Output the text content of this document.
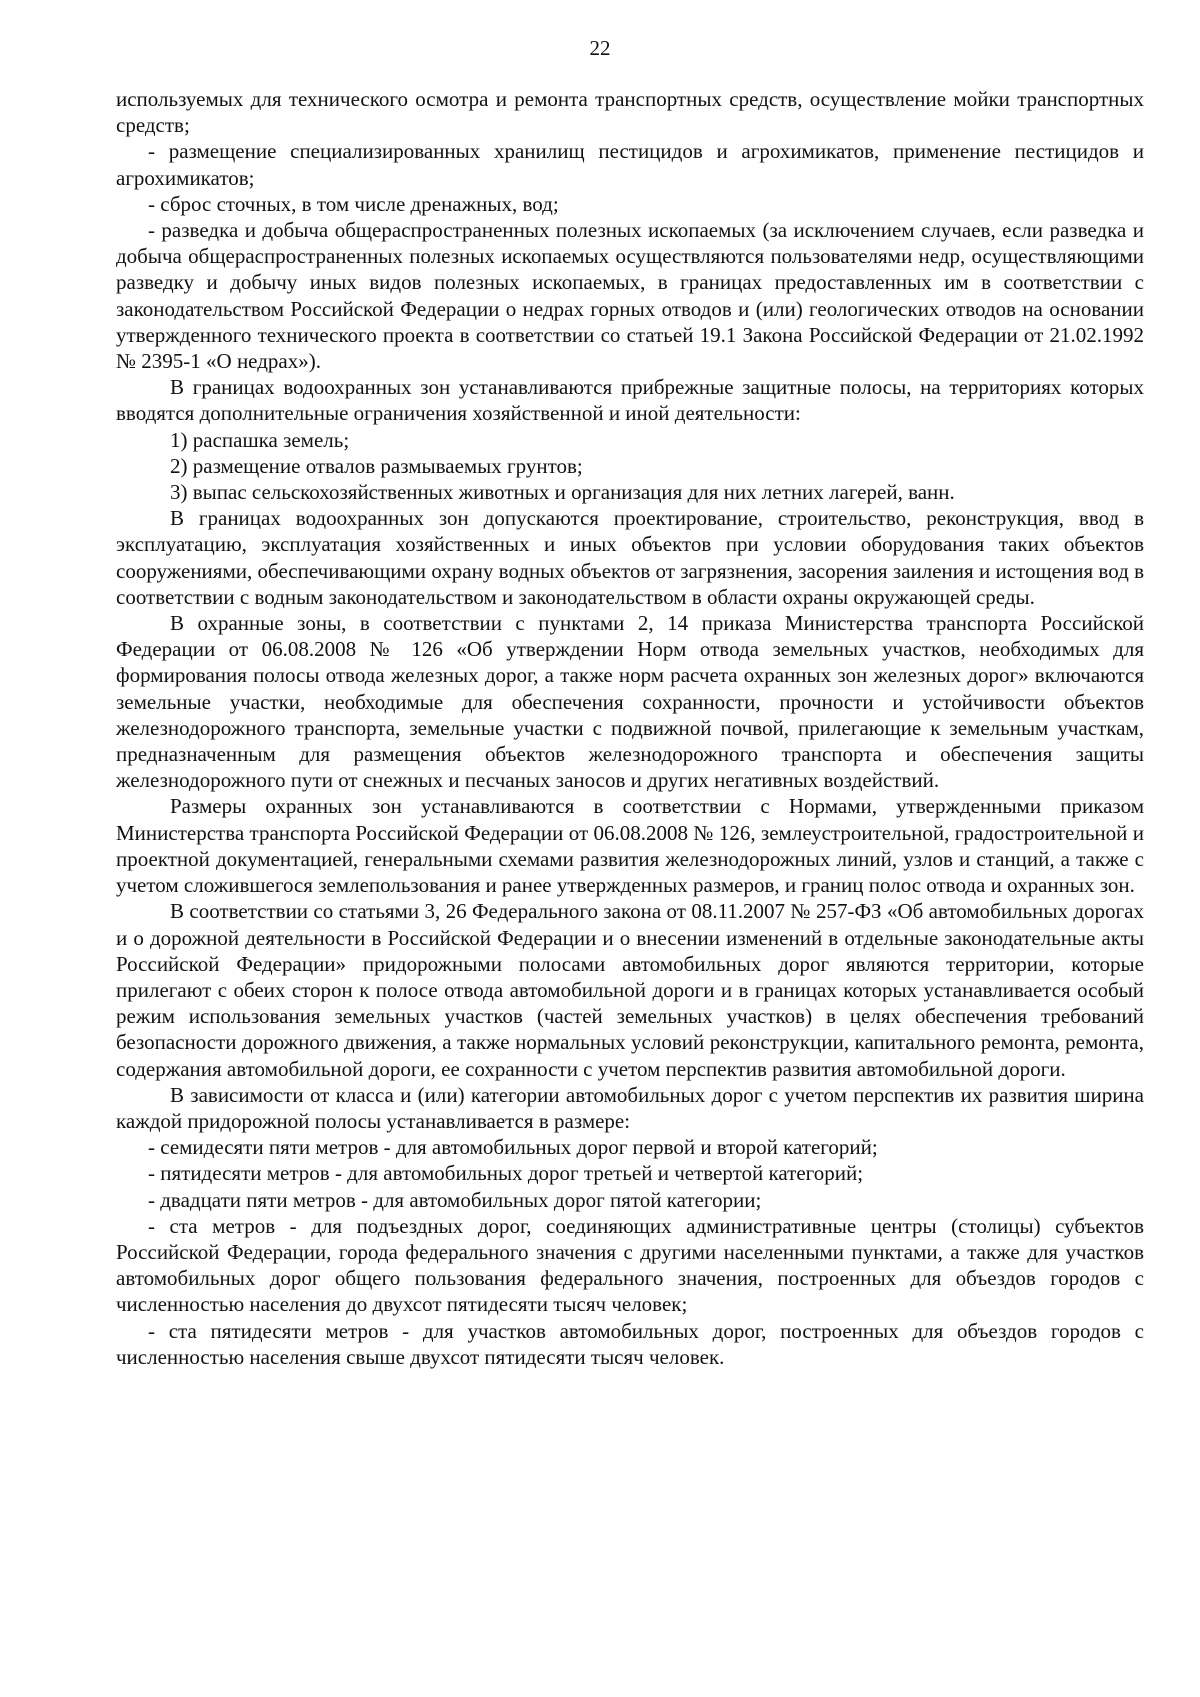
22

используемых для технического осмотра и ремонта транспортных средств, осуществление мойки транспортных средств;

- размещение специализированных хранилищ пестицидов и агрохимикатов, применение пестицидов и агрохимикатов;

- сброс сточных, в том числе дренажных, вод;

- разведка и добыча общераспространенных полезных ископаемых (за исключением случаев, если разведка и добыча общераспространенных полезных ископаемых осуществляются пользователями недр, осуществляющими разведку и добычу иных видов полезных ископаемых, в границах предоставленных им в соответствии с законодательством Российской Федерации о недрах горных отводов и (или) геологических отводов на основании утвержденного технического проекта в соответствии со статьей 19.1 Закона Российской Федерации от 21.02.1992 № 2395-1 «О недрах»).

В границах водоохранных зон устанавливаются прибрежные защитные полосы, на территориях которых вводятся дополнительные ограничения хозяйственной и иной деятельности:

1) распашка земель;

2) размещение отвалов размываемых грунтов;

3) выпас сельскохозяйственных животных и организация для них летних лагерей, ванн.

В границах водоохранных зон допускаются проектирование, строительство, реконструкция, ввод в эксплуатацию, эксплуатация хозяйственных и иных объектов при условии оборудования таких объектов сооружениями, обеспечивающими охрану водных объектов от загрязнения, засорения заиления и истощения вод в соответствии с водным законодательством и законодательством в области охраны окружающей среды.

В охранные зоны, в соответствии с пунктами 2, 14 приказа Министерства транспорта Российской Федерации от 06.08.2008 № 126 «Об утверждении Норм отвода земельных участков, необходимых для формирования полосы отвода железных дорог, а также норм расчета охранных зон железных дорог» включаются земельные участки, необходимые для обеспечения сохранности, прочности и устойчивости объектов железнодорожного транспорта, земельные участки с подвижной почвой, прилегающие к земельным участкам, предназначенным для размещения объектов железнодорожного транспорта и обеспечения защиты железнодорожного пути от снежных и песчаных заносов и других негативных воздействий.

Размеры охранных зон устанавливаются в соответствии с Нормами, утвержденными приказом Министерства транспорта Российской Федерации от 06.08.2008 № 126, землеустроительной, градостроительной и проектной документацией, генеральными схемами развития железнодорожных линий, узлов и станций, а также с учетом сложившегося землепользования и ранее утвержденных размеров, и границ полос отвода и охранных зон.

В соответствии со статьями 3, 26 Федерального закона от 08.11.2007 № 257-ФЗ «Об автомобильных дорогах и о дорожной деятельности в Российской Федерации и о внесении изменений в отдельные законодательные акты Российской Федерации» придорожными полосами автомобильных дорог являются территории, которые прилегают с обеих сторон к полосе отвода автомобильной дороги и в границах которых устанавливается особый режим использования земельных участков (частей земельных участков) в целях обеспечения требований безопасности дорожного движения, а также нормальных условий реконструкции, капитального ремонта, ремонта, содержания автомобильной дороги, ее сохранности с учетом перспектив развития автомобильной дороги.

В зависимости от класса и (или) категории автомобильных дорог с учетом перспектив их развития ширина каждой придорожной полосы устанавливается в размере:

- семидесяти пяти метров - для автомобильных дорог первой и второй категорий;

- пятидесяти метров - для автомобильных дорог третьей и четвертой категорий;

- двадцати пяти метров - для автомобильных дорог пятой категории;

- ста метров - для подъездных дорог, соединяющих административные центры (столицы) субъектов Российской Федерации, города федерального значения с другими населенными пунктами, а также для участков автомобильных дорог общего пользования федерального значения, построенных для объездов городов с численностью населения до двухсот пятидесяти тысяч человек;

- ста пятидесяти метров - для участков автомобильных дорог, построенных для объездов городов с численностью населения свыше двухсот пятидесяти тысяч человек.
